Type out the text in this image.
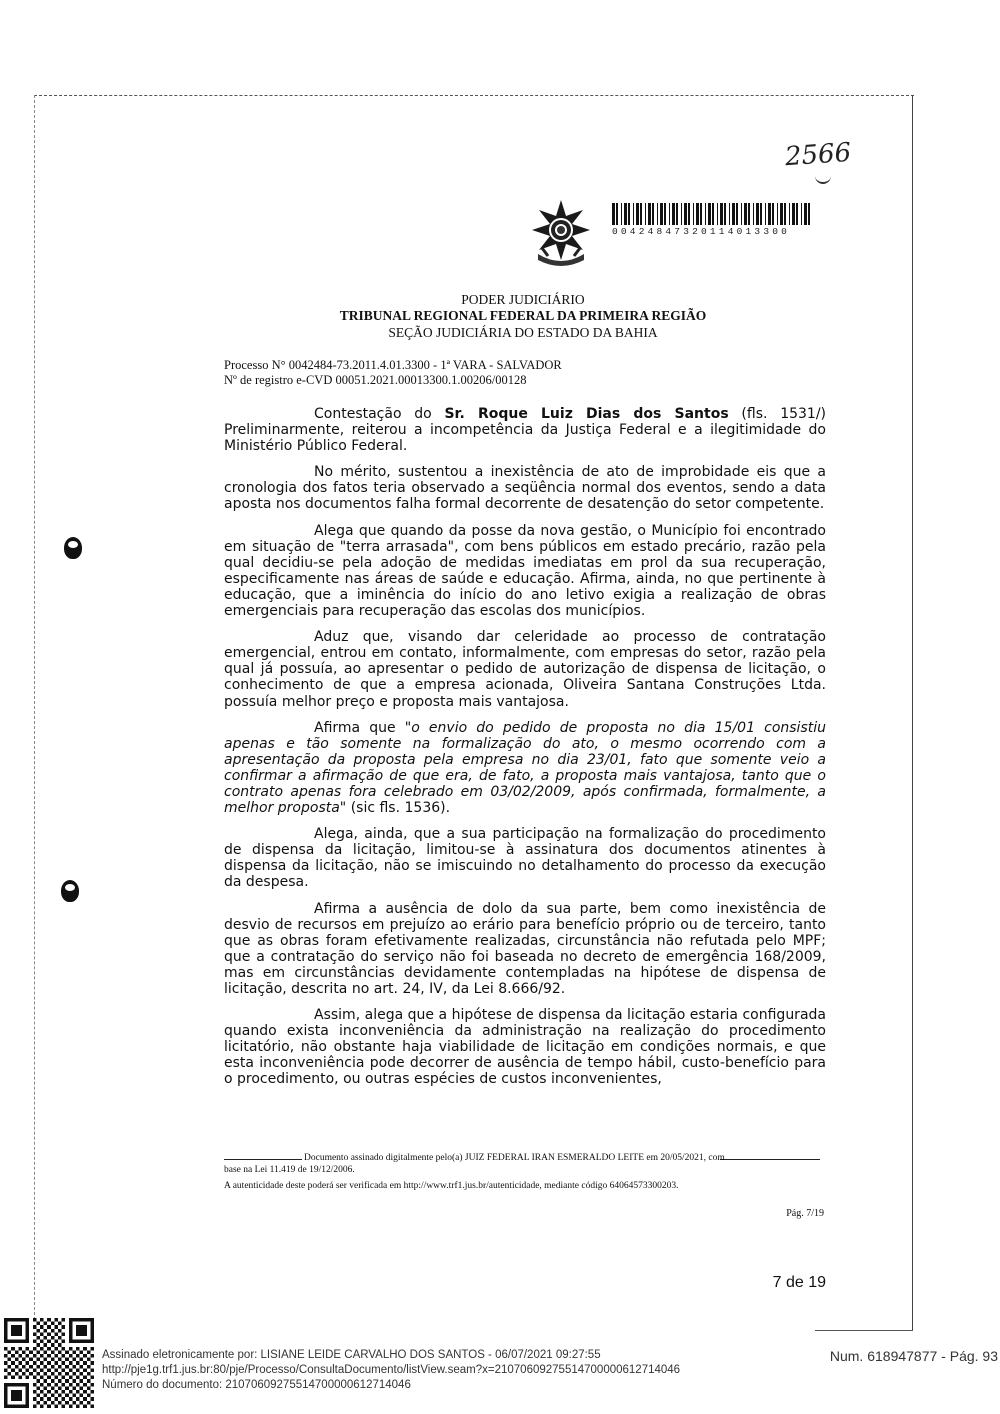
2566
00424847320114013300
PODER JUDICIÁRIO
TRIBUNAL REGIONAL FEDERAL DA PRIMEIRA REGIÃO
SEÇÃO JUDICIÁRIA DO ESTADO DA BAHIA
Processo N° 0042484-73.2011.4.01.3300 - 1ª VARA - SALVADOR
Nº de registro e-CVD 00051.2021.00013300.1.00206/00128

Contestação do Sr. Roque Luiz Dias dos Santos (fls. 1531/) Preliminarmente, reiterou a incompetência da Justiça Federal e a ilegitimidade do Ministério Público Federal.

No mérito, sustentou a inexistência de ato de improbidade eis que a cronologia dos fatos teria observado a seqüência normal dos eventos, sendo a data aposta nos documentos falha formal decorrente de desatenção do setor competente.

Alega que quando da posse da nova gestão, o Município foi encontrado em situação de "terra arrasada", com bens públicos em estado precário, razão pela qual decidiu-se pela adoção de medidas imediatas em prol da sua recuperação, especificamente nas áreas de saúde e educação. Afirma, ainda, no que pertinente à educação, que a iminência do início do ano letivo exigia a realização de obras emergenciais para recuperação das escolas dos municípios.

Aduz que, visando dar celeridade ao processo de contratação emergencial, entrou em contato, informalmente, com empresas do setor, razão pela qual já possuía, ao apresentar o pedido de autorização de dispensa de licitação, o conhecimento de que a empresa acionada, Oliveira Santana Construções Ltda. possuía melhor preço e proposta mais vantajosa.

Afirma que "o envio do pedido de proposta no dia 15/01 consistiu apenas e tão somente na formalização do ato, o mesmo ocorrendo com a apresentação da proposta pela empresa no dia 23/01, fato que somente veio a confirmar a afirmação de que era, de fato, a proposta mais vantajosa, tanto que o contrato apenas fora celebrado em 03/02/2009, após confirmada, formalmente, a melhor proposta" (sic fls. 1536).

Alega, ainda, que a sua participação na formalização do procedimento de dispensa da licitação, limitou-se à assinatura dos documentos atinentes à dispensa da licitação, não se imiscuindo no detalhamento do processo da execução da despesa.

Afirma a ausência de dolo da sua parte, bem como inexistência de desvio de recursos em prejuízo ao erário para benefício próprio ou de terceiro, tanto que as obras foram efetivamente realizadas, circunstância não refutada pelo MPF; que a contratação do serviço não foi baseada no decreto de emergência 168/2009, mas em circunstâncias devidamente contempladas na hipótese de dispensa de licitação, descrita no art. 24, IV, da Lei 8.666/92.

Assim, alega que a hipótese de dispensa da licitação estaria configurada quando exista inconveniência da administração na realização do procedimento licitatório, não obstante haja viabilidade de licitação em condições normais, e que esta inconveniência pode decorrer de ausência de tempo hábil, custo-benefício para o procedimento, ou outras espécies de custos inconvenientes,

Documento assinado digitalmente pelo(a) JUIZ FEDERAL IRAN ESMERALDO LEITE em 20/05/2021, com
base na Lei 11.419 de 19/12/2006.
A autenticidade deste poderá ser verificada em http://www.trf1.jus.br/autenticidade, mediante código 64064573300203.
Pág. 7/19
7 de 19
Assinado eletronicamente por: LISIANE LEIDE CARVALHO DOS SANTOS - 06/07/2021 09:27:55
http://pje1g.trf1.jus.br:80/pje/Processo/ConsultaDocumento/listView.seam?x=21070609275514700000612714046
Número do documento: 21070609275514700000612714046
Num. 618947877 - Pág. 93
